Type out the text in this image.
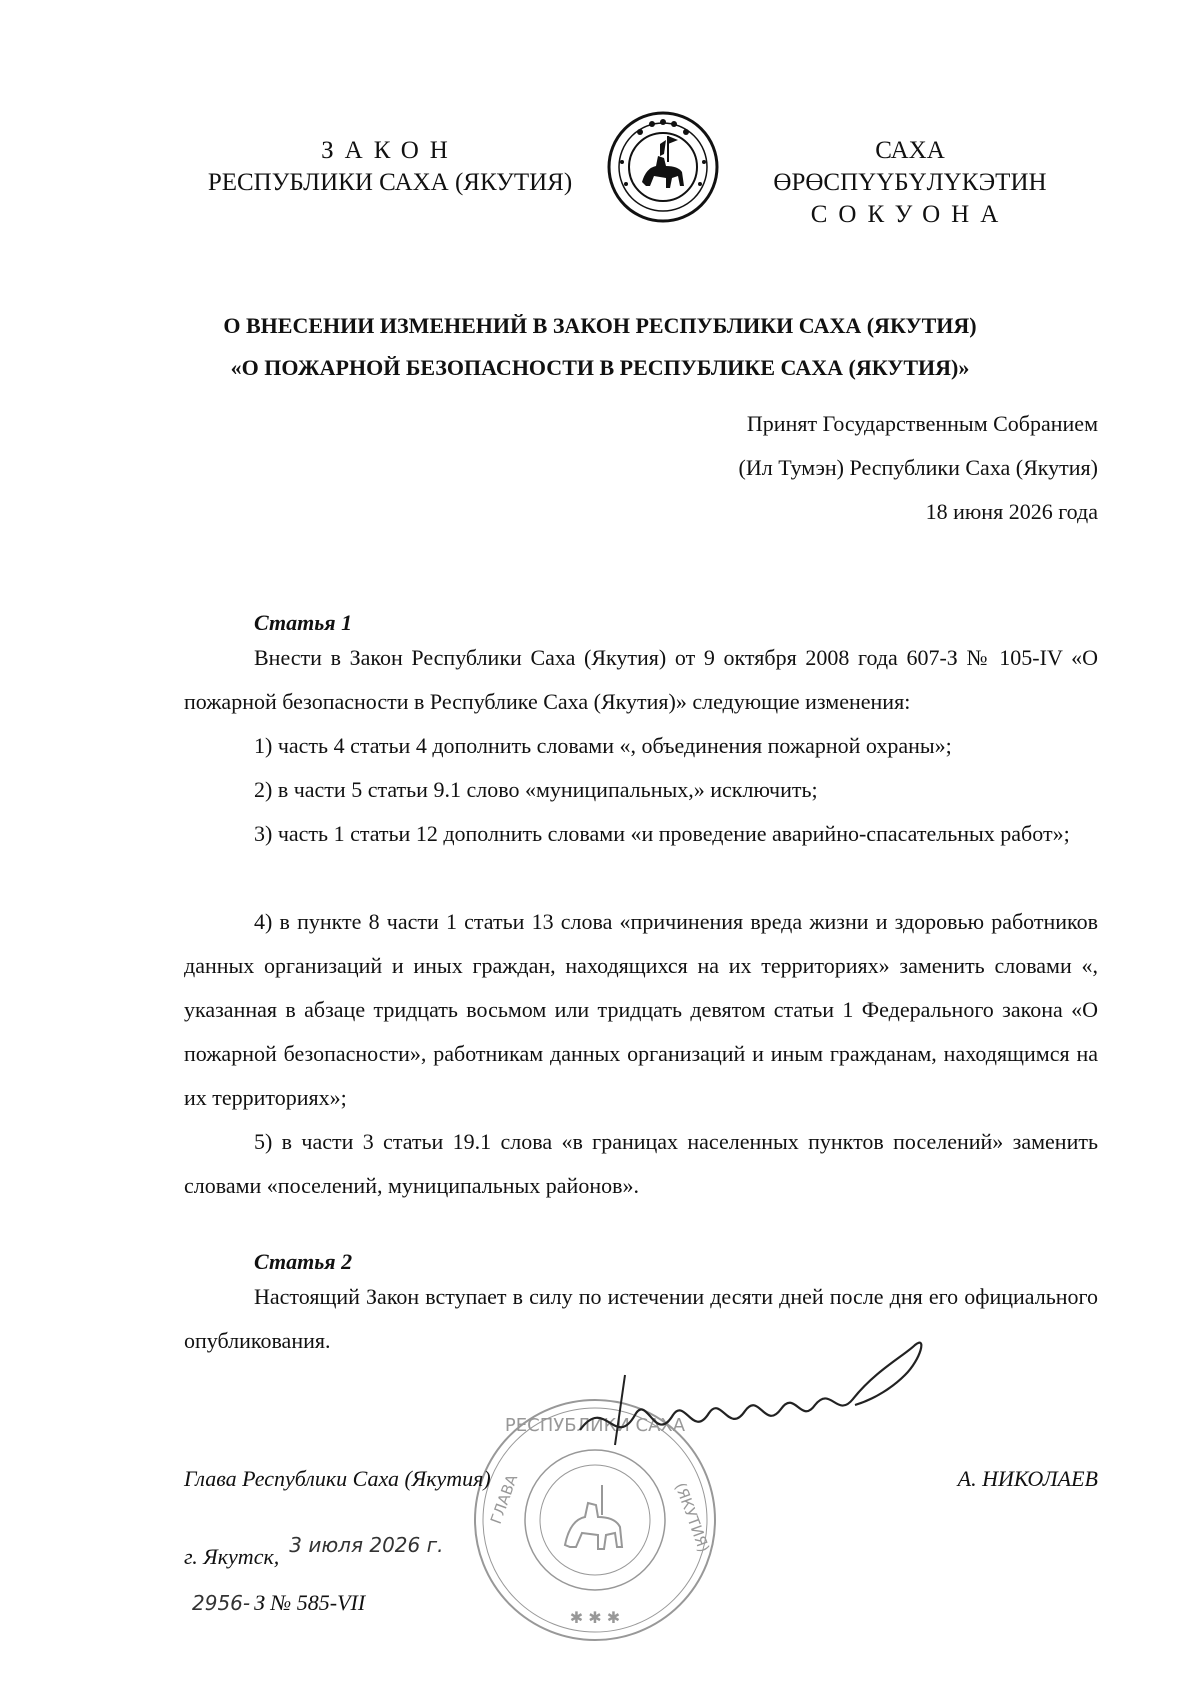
ЗАКОН
РЕСПУБЛИКИ САХА (ЯКУТИЯ)
САХА ӨРӨСПҮҮБҮЛҮКЭТИН
СОКУОНА
О ВНЕСЕНИИ ИЗМЕНЕНИЙ В ЗАКОН РЕСПУБЛИКИ САХА (ЯКУТИЯ)
«О ПОЖАРНОЙ БЕЗОПАСНОСТИ В РЕСПУБЛИКЕ САХА (ЯКУТИЯ)»
Принят Государственным Собранием
(Ил Тумэн) Республики Саха (Якутия)
18 июня 2026 года
Статья 1
Внести в Закон Республики Саха (Якутия) от 9 октября 2008 года 607-З № 105-IV «О пожарной безопасности в Республике Саха (Якутия)» следующие изменения:
1) часть 4 статьи 4 дополнить словами «, объединения пожарной охраны»;
2) в части 5 статьи 9.1 слово «муниципальных,» исключить;
3) часть 1 статьи 12 дополнить словами «и проведение аварийно-спасательных работ»;
4) в пункте 8 части 1 статьи 13 слова «причинения вреда жизни и здоровью работников данных организаций и иных граждан, находящихся на их территориях» заменить словами «, указанная в абзаце тридцать восьмом или тридцать девятом статьи 1 Федерального закона «О пожарной безопасности», работникам данных организаций и иным гражданам, находящимся на их территориях»;
5) в части 3 статьи 19.1 слова «в границах населенных пунктов поселений» заменить словами «поселений, муниципальных районов».
Статья 2
Настоящий Закон вступает в силу по истечении десяти дней после дня его официального опубликования.
РЕСПУБЛИКИ САХА
✱ ✱ ✱
ГЛАВА	(ЯКУТИЯ)
Глава Республики Саха (Якутия)	А. НИКОЛАЕВ
г. Якутск, 3 июля 2026 г.
2956- З № 585-VII
